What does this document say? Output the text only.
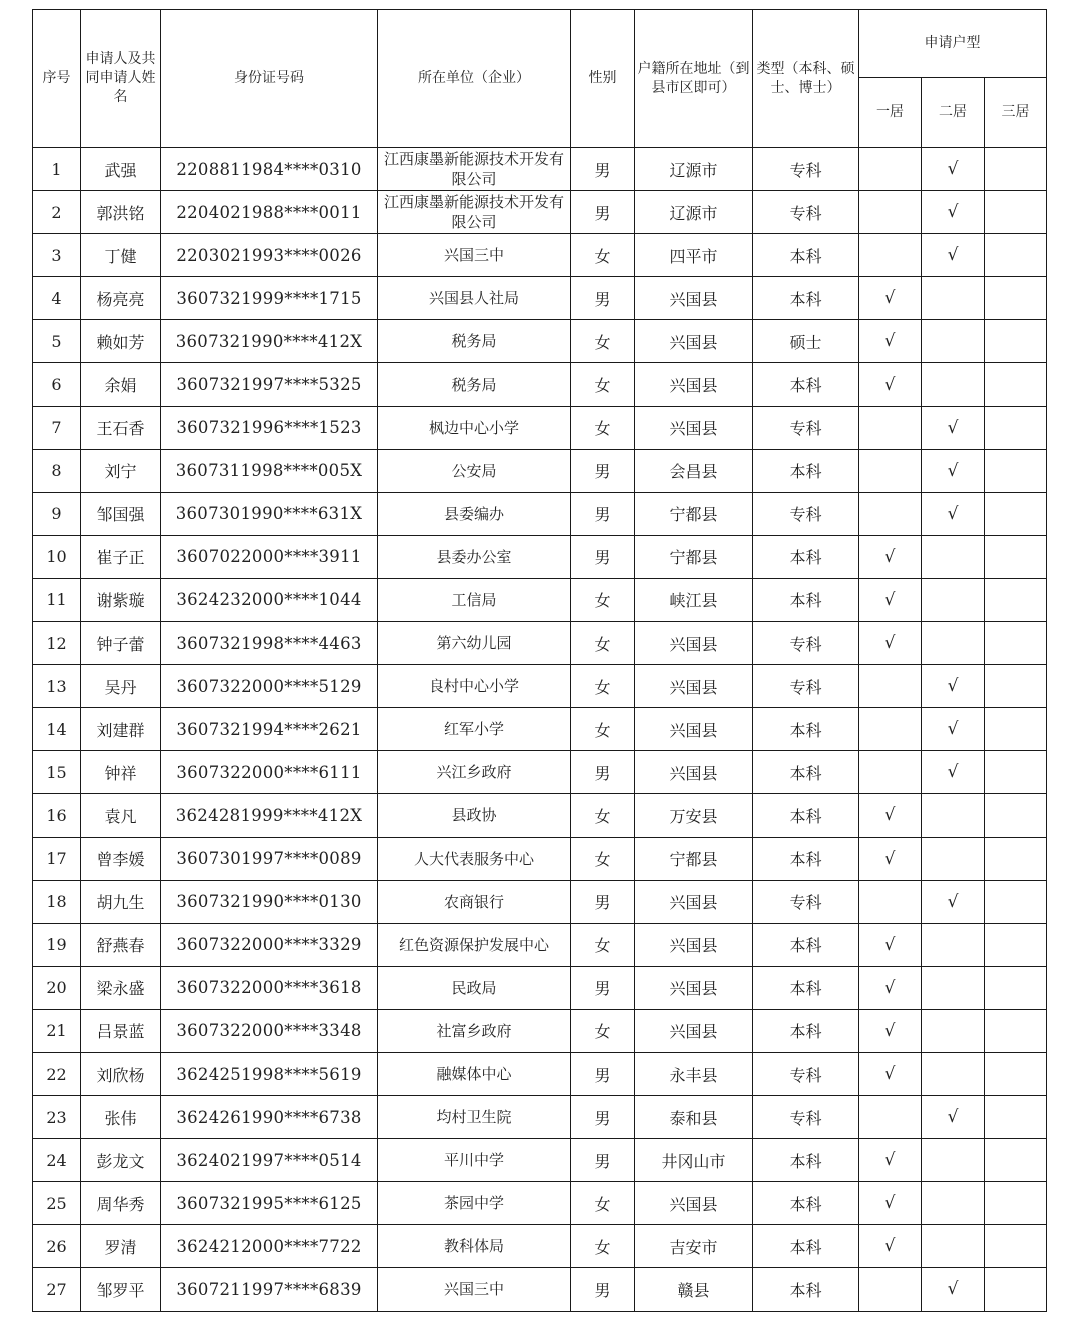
序号	申请人及共同申请人姓名	身份证号码	所在单位（企业）	性别	户籍所在地址（到县市区即可）	类型（本科、硕士、博士）	申请户型		
							一居	二居	三居
1	武强	2208811984****0310	江西康墨新能源技术开发有限公司	男	辽源市	专科		√	
2	郭洪铭	2204021988****0011	江西康墨新能源技术开发有限公司	男	辽源市	专科		√	
3	丁健	2203021993****0026	兴国三中	女	四平市	本科		√	
4	杨亮亮	3607321999****1715	兴国县人社局	男	兴国县	本科	√		
5	赖如芳	3607321990****412X	税务局	女	兴国县	硕士	√		
6	余娟	3607321997****5325	税务局	女	兴国县	本科	√		
7	王石香	3607321996****1523	枫边中心小学	女	兴国县	专科		√	
8	刘宁	3607311998****005X	公安局	男	会昌县	本科		√	
9	邹国强	3607301990****631X	县委编办	男	宁都县	专科		√	
10	崔子正	3607022000****3911	县委办公室	男	宁都县	本科	√		
11	谢紫璇	3624232000****1044	工信局	女	峡江县	本科	√		
12	钟子蕾	3607321998****4463	第六幼儿园	女	兴国县	专科	√		
13	吴丹	3607322000****5129	良村中心小学	女	兴国县	专科		√	
14	刘建群	3607321994****2621	红军小学	女	兴国县	本科		√	
15	钟祥	3607322000****6111	兴江乡政府	男	兴国县	本科		√	
16	袁凡	3624281999****412X	县政协	女	万安县	本科	√		
17	曾李媛	3607301997****0089	人大代表服务中心	女	宁都县	本科	√		
18	胡九生	3607321990****0130	农商银行	男	兴国县	专科		√	
19	舒燕春	3607322000****3329	红色资源保护发展中心	女	兴国县	本科	√		
20	梁永盛	3607322000****3618	民政局	男	兴国县	本科	√		
21	吕景蓝	3607322000****3348	社富乡政府	女	兴国县	本科	√		
22	刘欣杨	3624251998****5619	融媒体中心	男	永丰县	专科	√		
23	张伟	3624261990****6738	均村卫生院	男	泰和县	专科		√	
24	彭龙文	3624021997****0514	平川中学	男	井冈山市	本科	√		
25	周华秀	3607321995****6125	茶园中学	女	兴国县	本科	√		
26	罗清	3624212000****7722	教科体局	女	吉安市	本科	√		
27	邹罗平	3607211997****6839	兴国三中	男	赣县	本科		√	
